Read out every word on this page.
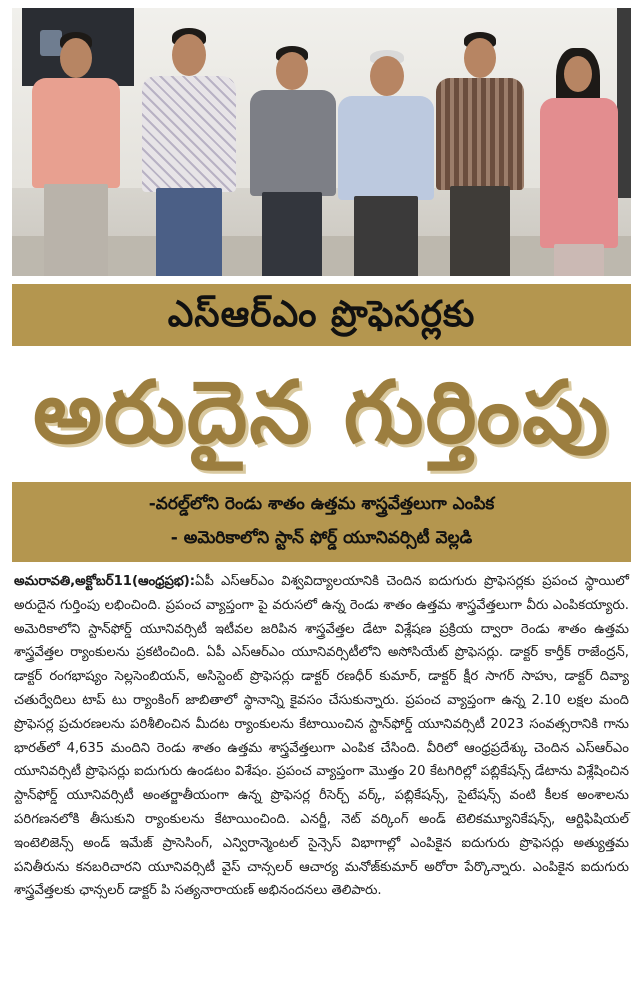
ఎస్ఆర్ఎం ప్రొఫెసర్లకు
అరుదైన గుర్తింపు
-వరల్డ్‌లోని రెండు శాతం ఉత్తమ శాస్త్రవేత్తలుగా ఎంపిక
- అమెరికాలోని స్టాన్ ఫోర్డ్ యూనివర్సిటీ వెల్లడి

అమరావతి,అక్టోబర్11(ఆంధ్రప్రభ):ఏపీ ఎస్ఆర్ఎం విశ్వవిద్యాలయానికి చెందిన ఐదుగురు ప్రొఫెసర్లకు ప్రపంచ స్థాయిలో అరుదైన గుర్తింపు లభించింది. ప్రపంచ వ్యాప్తంగా పై వరుసలో ఉన్న రెండు శాతం ఉత్తమ శాస్త్రవేత్తలుగా వీరు ఎంపికయ్యారు. అమెరికాలోని స్టాన్‌ఫోర్డ్ యూనివర్సిటీ ఇటీవల జరిపిన శాస్త్రవేత్తల డేటా విశ్లేషణ ప్రక్రియ ద్వారా రెండు శాతం ఉత్తమ శాస్త్రవేత్తల ర్యాంకులను ప్రకటించింది. ఏపీ ఎస్ఆర్ఎం యూనివర్సిటీలోని అసోసియేట్ ప్రొఫెసర్లు. డాక్టర్ కార్తీక్ రాజేంద్రన్, డాక్టర్ రంగభాష్యం సెల్లసెంబియన్, అసిస్టెంట్ ప్రొఫెసర్లు డాక్టర్ రణధీర్ కుమార్, డాక్టర్ క్షీర సాగర్ సాహు, డాక్టర్ దివ్యా చతుర్వేదిలు టాప్ టు ర్యాంకింగ్ జాబితాలో స్థానాన్ని కైవసం చేసుకున్నారు. ప్రపంచ వ్యాప్తంగా ఉన్న 2.10 లక్షల మంది ప్రొఫెసర్ల ప్రచురణలను పరిశీలించిన మీదట ర్యాంకులను కేటాయించిన స్టాన్‌ఫోర్డ్ యూనివర్సిటీ 2023 సంవత్సరానికి గాను భారత్‌లో 4,635 మందిని రెండు శాతం ఉత్తమ శాస్త్రవేత్తలుగా ఎంపిక చేసింది. వీరిలో ఆంధ్రప్రదేశ్కు చెందిన ఎస్ఆర్ఎం యూనివర్సిటీ ప్రొఫెసర్లు ఐదుగురు ఉండటం విశేషం. ప్రపంచ వ్యాప్తంగా మొత్తం 20 కేటగిరిల్లో పబ్లికేషన్స్ డేటాను విశ్లేషించిన స్టాన్‌ఫోర్డ్ యూనివర్సిటీ అంతర్జాతీయంగా ఉన్న ప్రొఫెసర్ల రీసెర్చ్ వర్క్, పబ్లికేషన్స్, సైటేషన్స్ వంటి కీలక అంశాలను పరిగణనలోకి తీసుకుని ర్యాంకులను కేటాయించింది. ఎనర్జీ, నెట్ వర్కింగ్ అండ్ టెలికమ్యూనికేషన్స్, ఆర్టిఫిషియల్ ఇంటెలిజెన్స్ అండ్ ఇమేజ్ ప్రాసెసింగ్, ఎన్విరాన్మెంటల్ సైన్సెస్ విభాగాల్లో ఎంపికైన ఐదుగురు ప్రొఫెసర్లు అత్యుత్తమ పనితీరును కనబరిచారని యూనివర్సిటీ వైస్ చాన్సలర్ ఆచార్య మనోజ్‌కుమార్ అరోరా పేర్కొన్నారు. ఎంపికైన ఐదుగురు శాస్త్రవేత్తలకు ఛాన్సలర్ డాక్టర్ పి సత్యనారాయణ్ అభినందనలు తెలిపారు.
